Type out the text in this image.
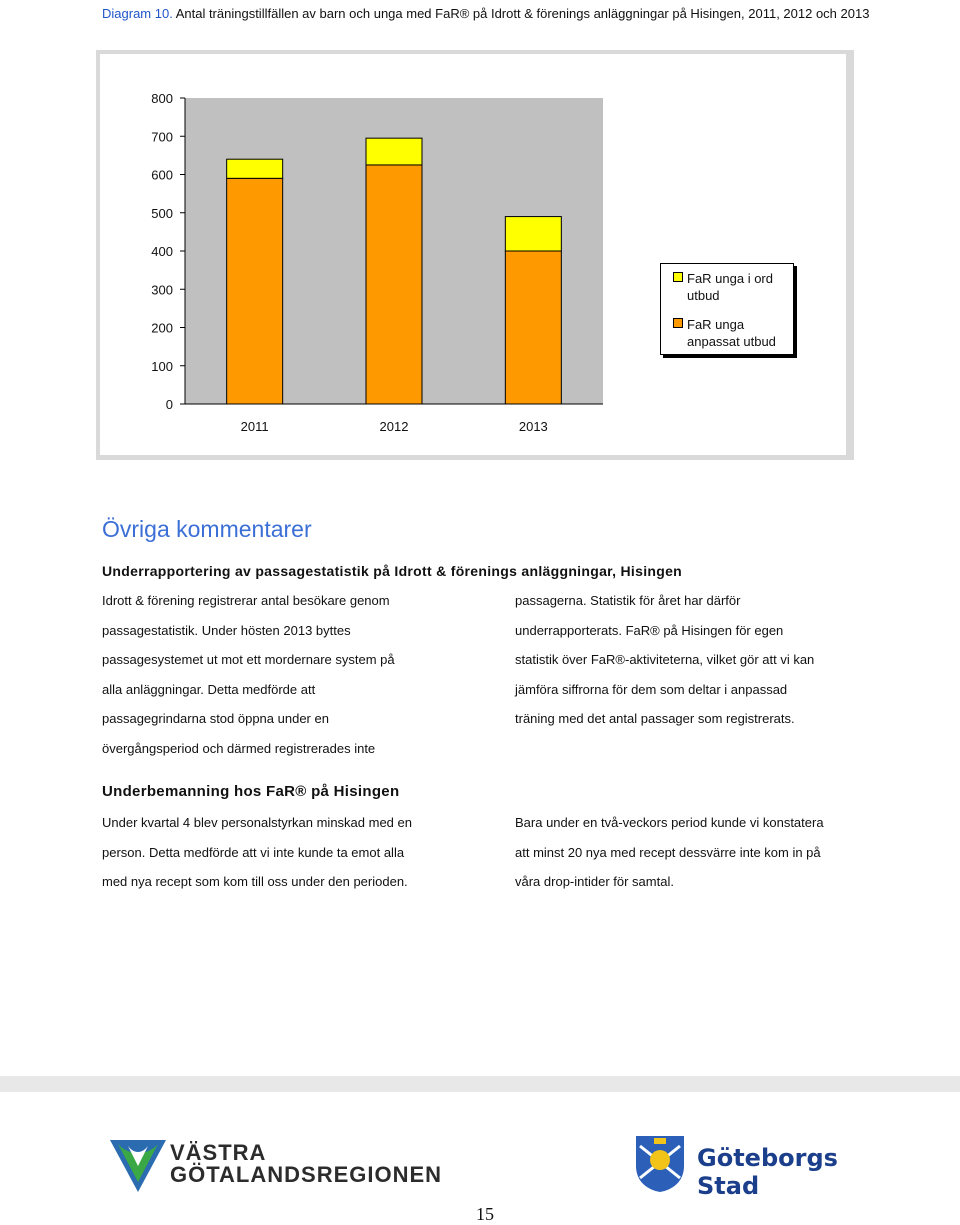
Diagram 10. Antal träningstillfällen av barn och unga med FaR® på Idrott & förenings anläggningar på Hisingen, 2011, 2012 och 2013
0
100
200
300
400
500
600
700
800
2011	2012	2013
FaR unga i ord utbud
FaR unga anpassat utbud
Övriga kommentarer
Underrapportering av passagestatistik på Idrott & förenings anläggningar, Hisingen
Idrott & förening registrerar antal besökare genom
passagestatistik. Under hösten 2013 byttes
passagesystemet ut mot ett mordernare system på
alla anläggningar. Detta medförde att
passagegrindarna stod öppna under en
övergångsperiod och därmed registrerades inte
passagerna. Statistik för året har därför
underrapporterats. FaR® på Hisingen för egen
statistik över FaR®-aktiviteterna, vilket gör att vi kan
jämföra siffrorna för dem som deltar i anpassad
träning med det antal passager som registrerats.
Underbemanning hos FaR® på Hisingen
Under kvartal 4 blev personalstyrkan minskad med en
person. Detta medförde att vi inte kunde ta emot alla
med nya recept som kom till oss under den perioden.
Bara under en två-veckors period kunde vi konstatera
att minst 20 nya med recept dessvärre inte kom in på
våra drop-intider för samtal.
VÄSTRA
GÖTALANDSREGIONEN
Göteborgs
Stad
15
